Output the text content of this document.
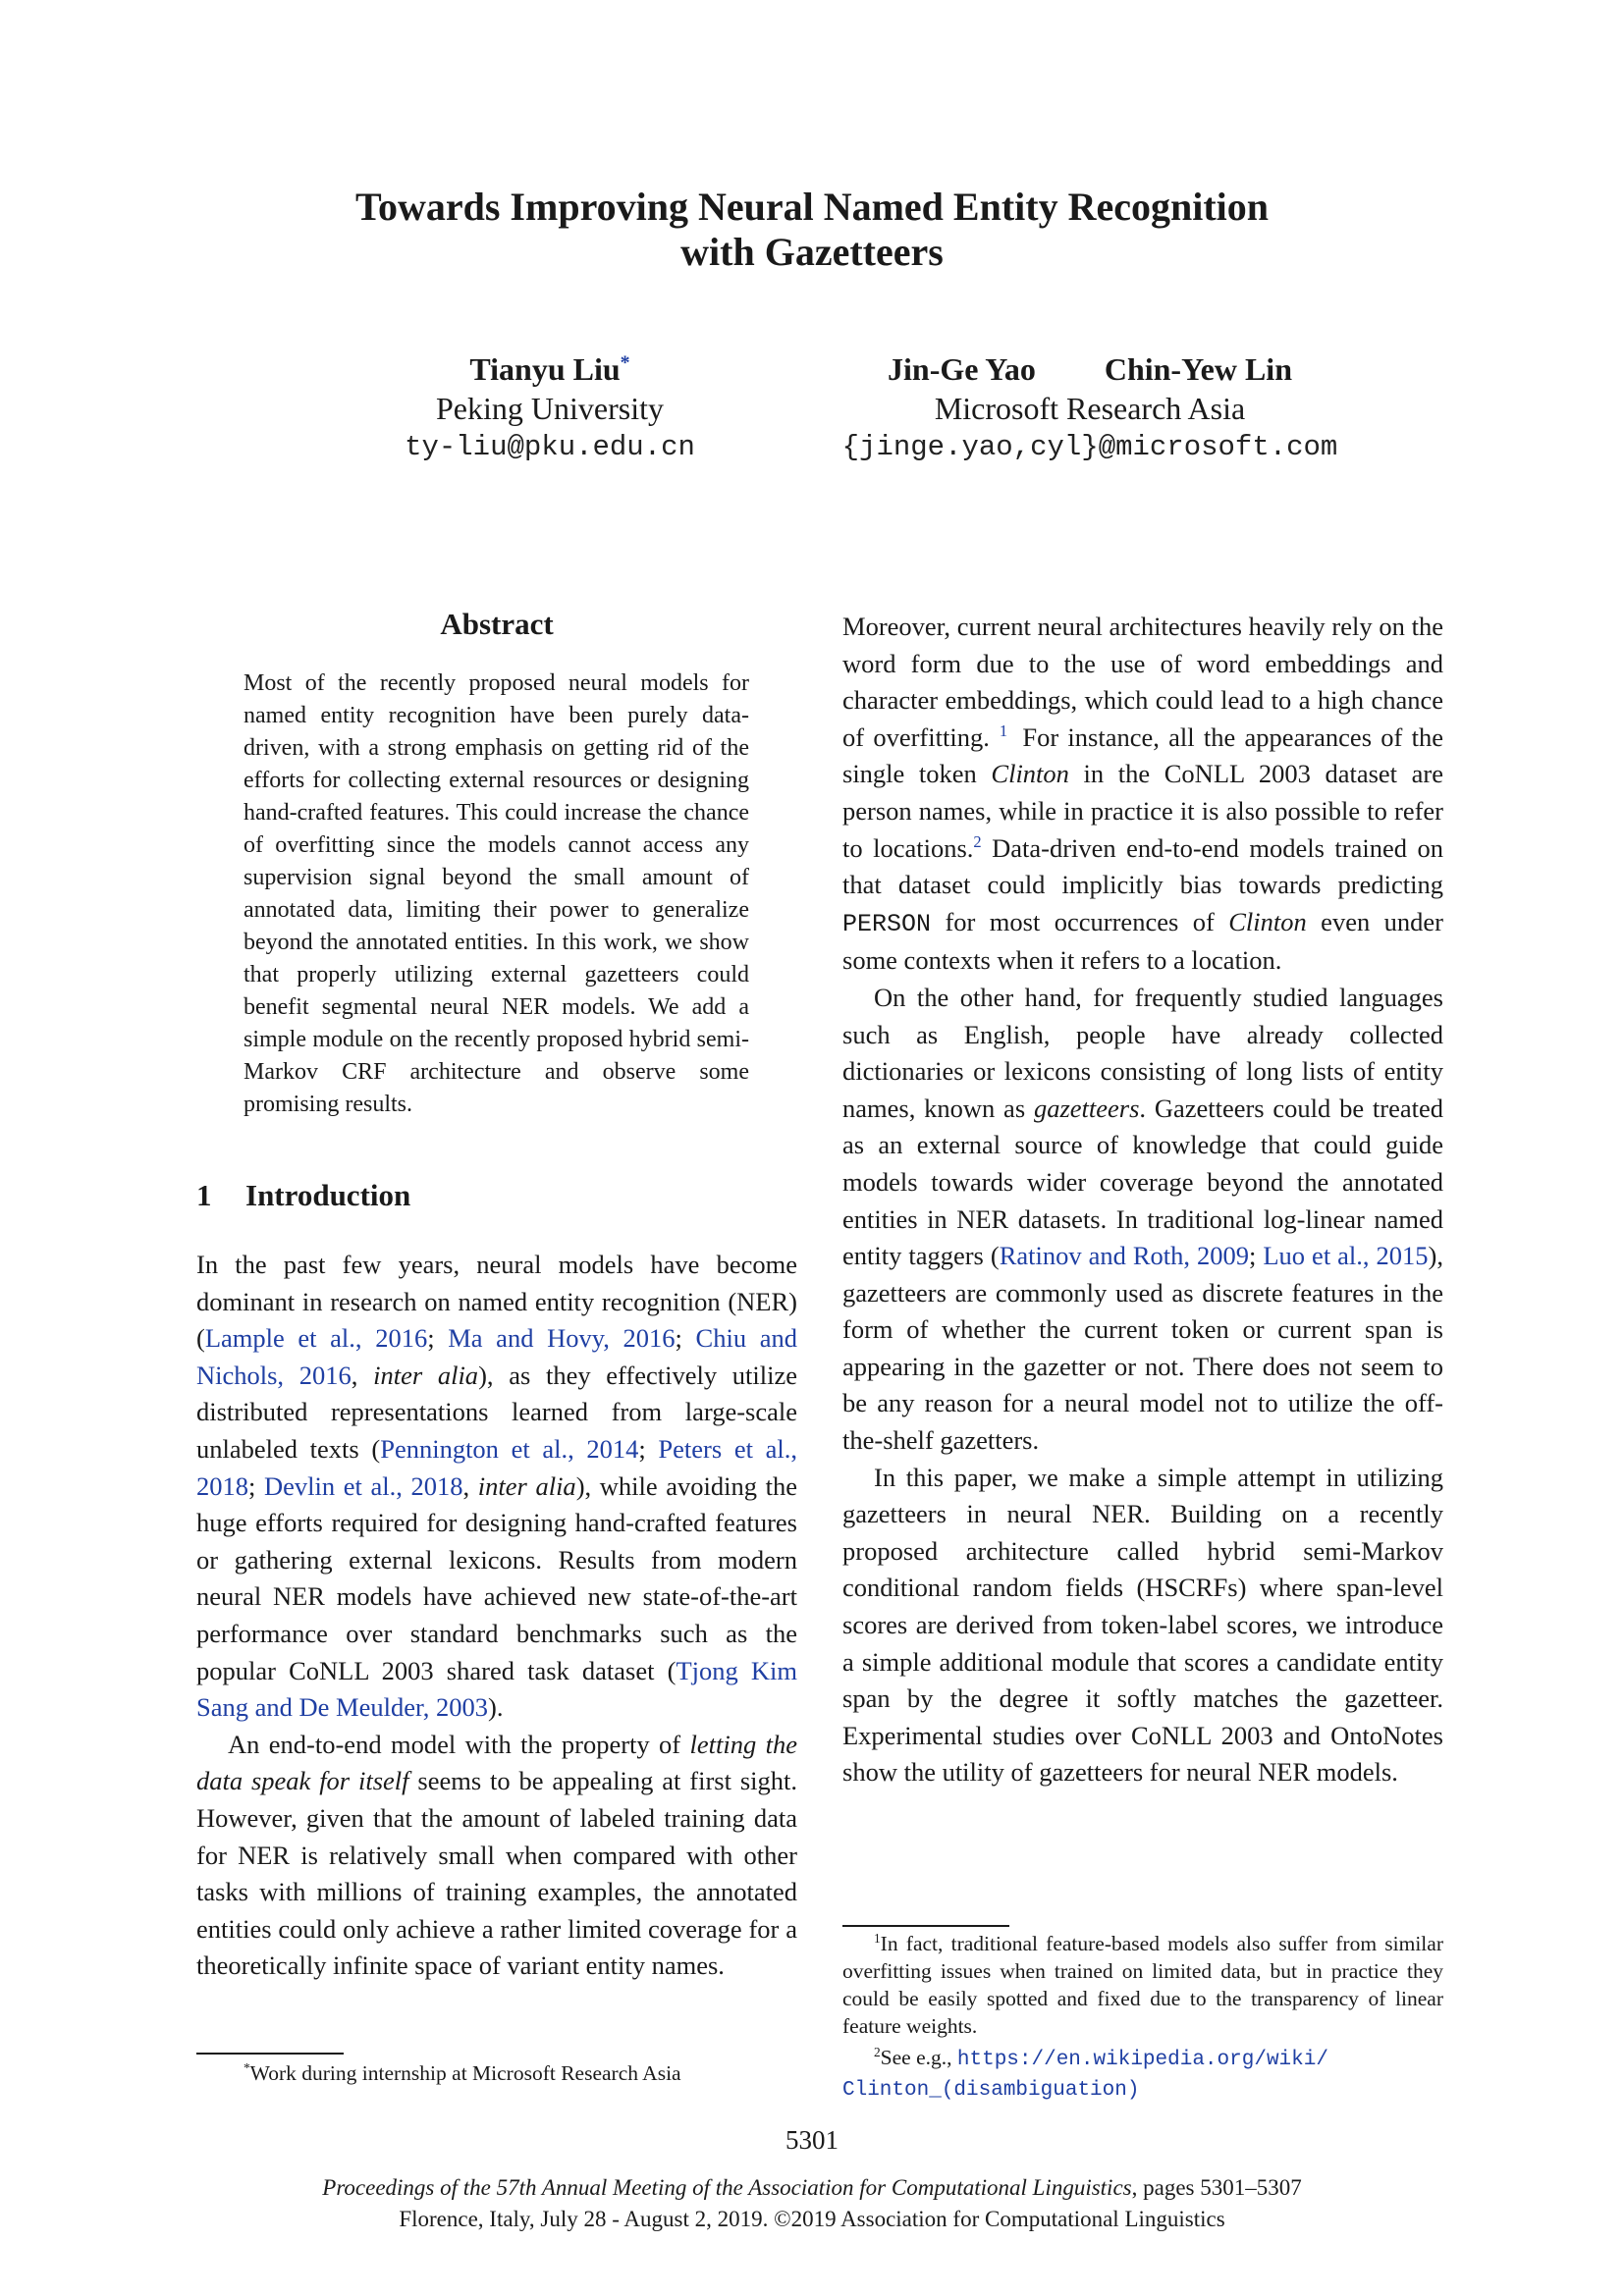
Towards Improving Neural Named Entity Recognition
with Gazetteers
Tianyu Liu*
Peking University
ty-liu@pku.edu.cn
Jin-Ge Yao Chin-Yew Lin
Microsoft Research Asia
{jinge.yao,cyl}@microsoft.com
Abstract
Most of the recently proposed neural models for named entity recognition have been purely data-driven, with a strong emphasis on getting rid of the efforts for collecting external resources or designing hand-crafted features. This could increase the chance of overfitting since the models cannot access any supervision signal beyond the small amount of annotated data, limiting their power to generalize beyond the annotated entities. In this work, we show that properly utilizing external gazetteers could benefit segmental neural NER models. We add a simple module on the recently proposed hybrid semi-Markov CRF architecture and observe some promising results.
1 Introduction

In the past few years, neural models have become dominant in research on named entity recognition (NER) (Lample et al., 2016; Ma and Hovy, 2016; Chiu and Nichols, 2016, inter alia), as they effectively utilize distributed representations learned from large-scale unlabeled texts (Pennington et al., 2014; Peters et al., 2018; Devlin et al., 2018, inter alia), while avoiding the huge efforts required for designing hand-crafted features or gathering external lexicons. Results from modern neural NER models have achieved new state-of-the-art performance over standard benchmarks such as the popular CoNLL 2003 shared task dataset (Tjong Kim Sang and De Meulder, 2003).

An end-to-end model with the property of letting the data speak for itself seems to be appealing at first sight. However, given that the amount of labeled training data for NER is relatively small when compared with other tasks with millions of training examples, the annotated entities could only achieve a rather limited coverage for a theoretically infinite space of variant entity names.

*Work during internship at Microsoft Research Asia

Moreover, current neural architectures heavily rely on the word form due to the use of word embeddings and character embeddings, which could lead to a high chance of overfitting. $^1$ For instance, all the appearances of the single token Clinton in the CoNLL 2003 dataset are person names, while in practice it is also possible to refer to locations.$^2$ Data-driven end-to-end models trained on that dataset could implicitly bias towards predicting PERSON for most occurrences of Clinton even under some contexts when it refers to a location.

On the other hand, for frequently studied languages such as English, people have already collected dictionaries or lexicons consisting of long lists of entity names, known as gazetteers. Gazetteers could be treated as an external source of knowledge that could guide models towards wider coverage beyond the annotated entities in NER datasets. In traditional log-linear named entity taggers (Ratinov and Roth, 2009; Luo et al., 2015), gazetteers are commonly used as discrete features in the form of whether the current token or current span is appearing in the gazetter or not. There does not seem to be any reason for a neural model not to utilize the off-the-shelf gazetters.

In this paper, we make a simple attempt in utilizing gazetteers in neural NER. Building on a recently proposed architecture called hybrid semi-Markov conditional random fields (HSCRFs) where span-level scores are derived from token-label scores, we introduce a simple additional module that scores a candidate entity span by the degree it softly matches the gazetteer. Experimental studies over CoNLL 2003 and OntoNotes show the utility of gazetteers for neural NER models.

$^1$In fact, traditional feature-based models also suffer from similar overfitting issues when trained on limited data, but in practice they could be easily spotted and fixed due to the transparency of linear feature weights.
$^2$See e.g., https://en.wikipedia.org/wiki/
Clinton_(disambiguation)
5301
Proceedings of the 57th Annual Meeting of the Association for Computational Linguistics, pages 5301–5307
Florence, Italy, July 28 - August 2, 2019. ©2019 Association for Computational Linguistics
